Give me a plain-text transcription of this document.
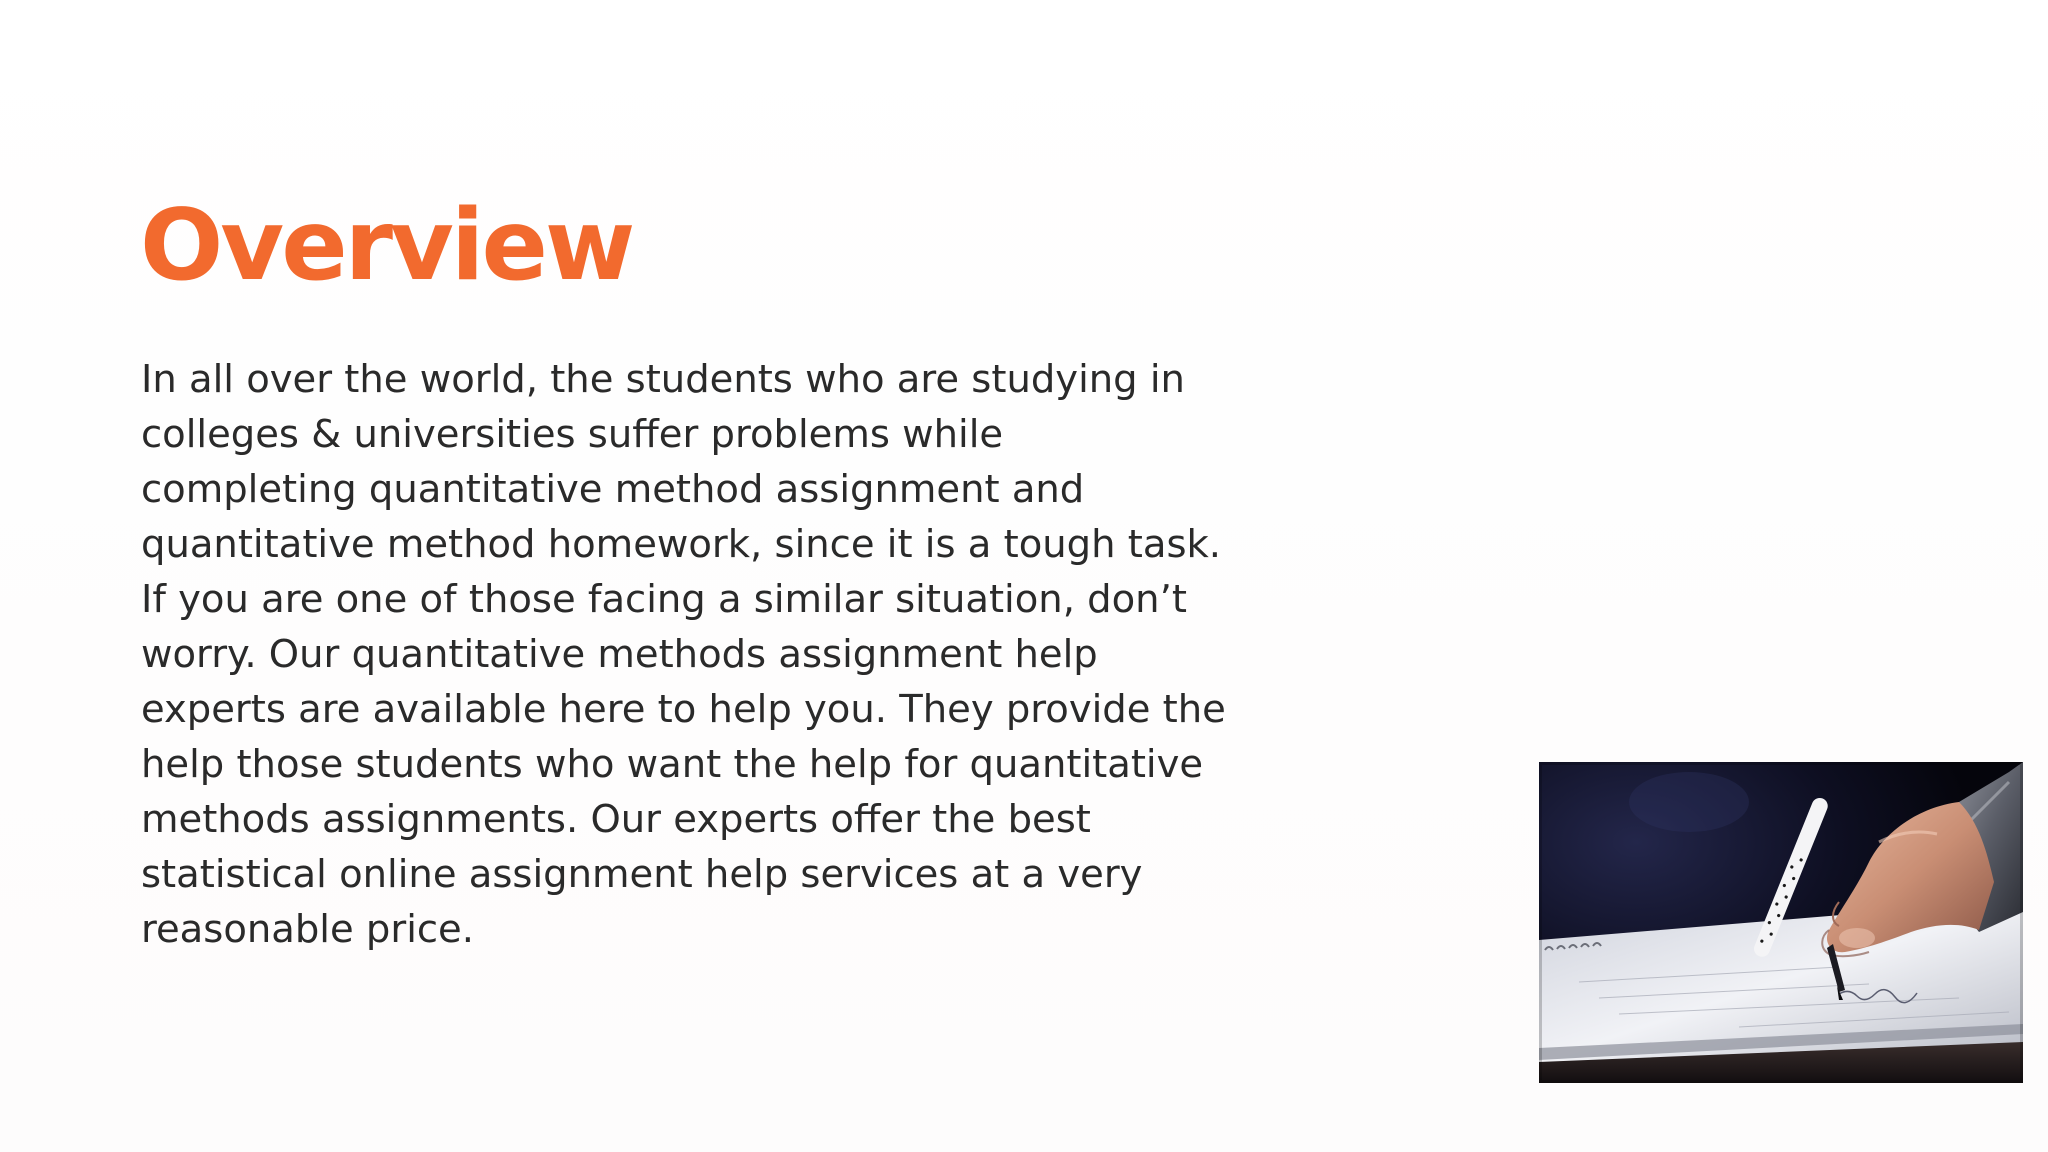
Overview

In all over the world, the students who are studying in
colleges & universities suffer problems while
completing quantitative method assignment and
quantitative method homework, since it is a tough task.
If you are one of those facing a similar situation, don’t
worry. Our quantitative methods assignment help
experts are available here to help you. They provide the
help those students who want the help for quantitative
methods assignments. Our experts offer the best
statistical online assignment help services at a very
reasonable price.
